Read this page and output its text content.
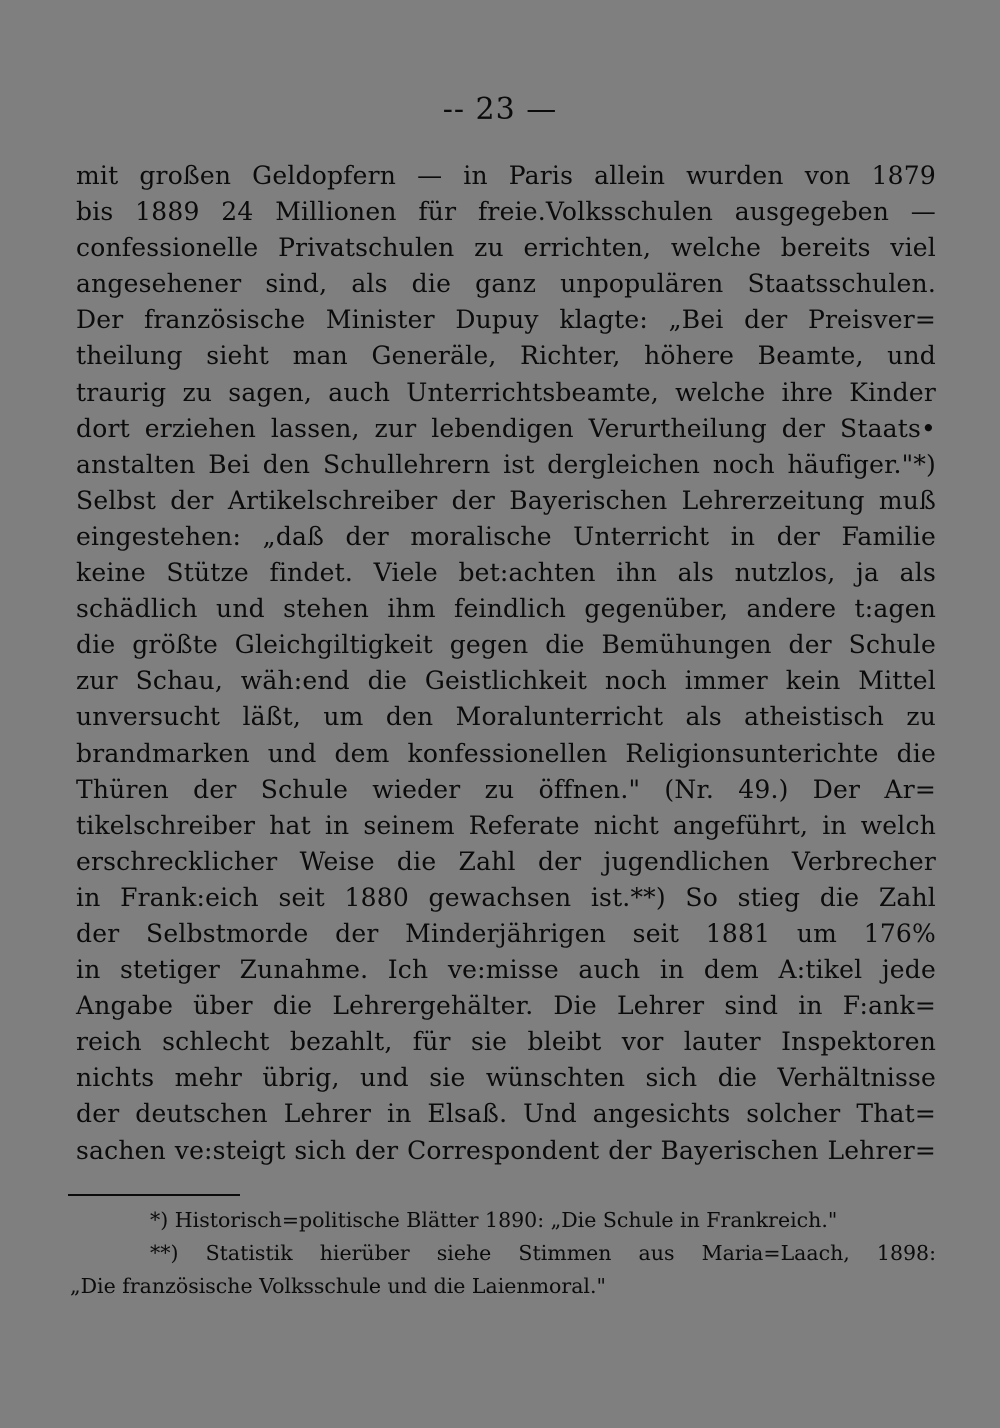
-- 23 —
mit großen Geldopfern — in Paris allein wurden von 1879
bis 1889 24 Millionen für freie.Volksschulen ausgegeben —
confessionelle Privatschulen zu errichten, welche bereits viel
angesehener sind, als die ganz unpopulären Staatsschulen.
Der französische Minister Dupuy klagte: „Bei der Preisver=
theilung sieht man Generäle, Richter, höhere Beamte, und
traurig zu sagen, auch Unterrichtsbeamte, welche ihre Kinder
dort erziehen lassen, zur lebendigen Verurtheilung der Staats•
anstalten Bei den Schullehrern ist dergleichen noch häufiger."*)
Selbst der Artikelschreiber der Bayerischen Lehrerzeitung muß
eingestehen: „daß der moralische Unterricht in der Familie
keine Stütze findet. Viele bet:achten ihn als nutzlos, ja als
schädlich und stehen ihm feindlich gegenüber, andere t:agen
die größte Gleichgiltigkeit gegen die Bemühungen der Schule
zur Schau, wäh:end die Geistlichkeit noch immer kein Mittel
unversucht läßt, um den Moralunterricht als atheistisch zu
brandmarken und dem konfessionellen Religionsunterichte die
Thüren der Schule wieder zu öffnen." (Nr. 49.) Der Ar=
tikelschreiber hat in seinem Referate nicht angeführt, in welch
erschrecklicher Weise die Zahl der jugendlichen Verbrecher
in Frank:eich seit 1880 gewachsen ist.**) So stieg die Zahl
der Selbstmorde der Minderjährigen seit 1881 um 176%
in stetiger Zunahme. Ich ve:misse auch in dem A:tikel jede
Angabe über die Lehrergehälter. Die Lehrer sind in F:ank=
reich schlecht bezahlt, für sie bleibt vor lauter Inspektoren
nichts mehr übrig, und sie wünschten sich die Verhältnisse
der deutschen Lehrer in Elsaß. Und angesichts solcher That=
sachen ve:steigt sich der Correspondent der Bayerischen Lehrer=
*) Historisch=politische Blätter 1890: „Die Schule in Frankreich."
**) Statistik hierüber siehe Stimmen aus Maria=Laach, 1898:
„Die französische Volksschule und die Laienmoral."
